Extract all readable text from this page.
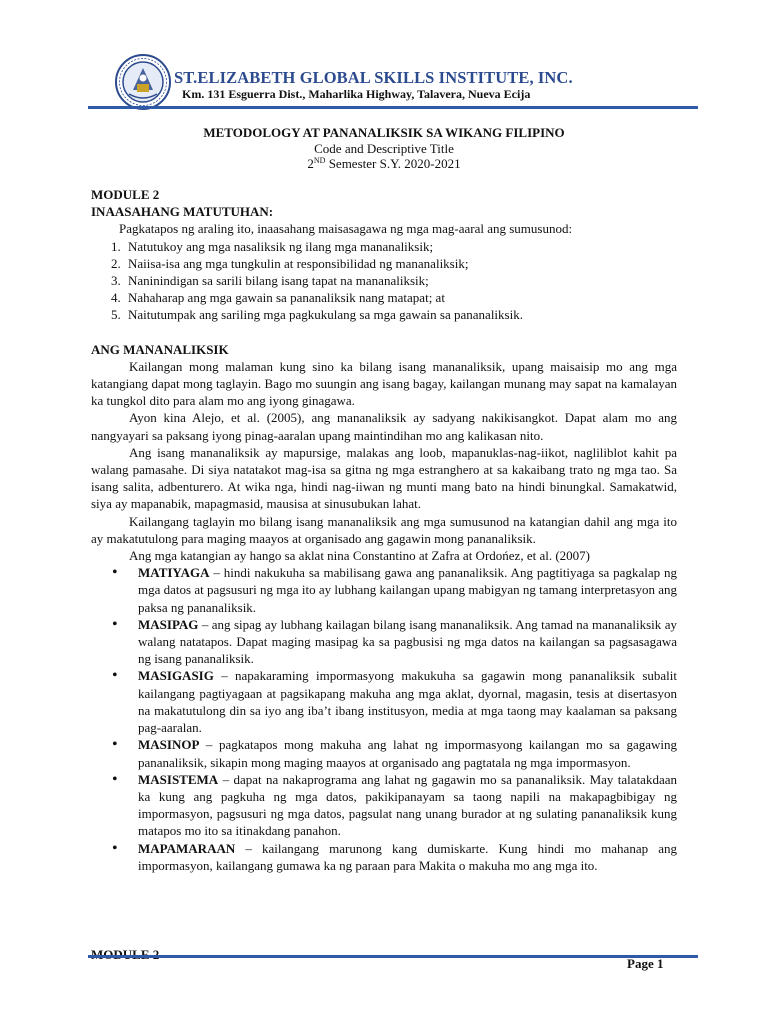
ST.ELIZABETH GLOBAL SKILLS INSTITUTE, INC.
Km. 131 Esguerra Dist., Maharlika Highway, Talavera, Nueva Ecija
METODOLOGY AT PANANALIKSIK SA WIKANG FILIPINO
Code and Descriptive Title
2ND Semester S.Y. 2020-2021

MODULE 2

INAASAHANG MATUTUHAN:

Pagkatapos ng araling ito, inaasahang maisasagawa ng mga mag-aaral ang sumusunod:

1. Natutukoy ang mga nasaliksik ng ilang mga mananaliksik;
2. Naiisa-isa ang mga tungkulin at responsibilidad ng mananaliksik;
3. Naninindigan sa sarili bilang isang tapat na mananaliksik;
4. Nahaharap ang mga gawain sa pananaliksik nang matapat; at
5. Naitutumpak ang sariling mga pagkukulang sa mga gawain sa pananaliksik.

ANG MANANALIKSIK

Kailangan mong malaman kung sino ka bilang isang mananaliksik, upang maisaisip mo ang mga katangiang dapat mong taglayin. Bago mo suungin ang isang bagay, kailangan munang may sapat na kamalayan ka tungkol dito para alam mo ang iyong ginagawa.

Ayon kina Alejo, et al. (2005), ang mananaliksik ay sadyang nakikisangkot. Dapat alam mo ang nangyayari sa paksang iyong pinag-aaralan upang maintindihan mo ang kalikasan nito.

Ang isang mananaliksik ay mapursige, malakas ang loob, mapanuklas-nag-iikot, nagliliblot kahit pa walang pamasahe. Di siya natatakot mag-isa sa gitna ng mga estranghero at sa kakaibang trato ng mga tao. Sa isang salita, adbenturero. At wika nga, hindi nag-iiwan ng munti mang bato na hindi binungkal. Samakatwid, siya ay mapanabik, mapagmasid, mausisa at sinusubukan lahat.

Kailangang taglayin mo bilang isang mananaliksik ang mga sumusunod na katangian dahil ang mga ito ay makatutulong para maging maayos at organisado ang gagawin mong pananaliksik.

Ang mga katangian ay hango sa aklat nina Constantino at Zafra at Ordońez, et al. (2007)

• MATIYAGA – hindi nakukuha sa mabilisang gawa ang pananaliksik. Ang pagtitiyaga sa pagkalap ng mga datos at pagsusuri ng mga ito ay lubhang kailangan upang mabigyan ng tamang interpretasyon ang paksa ng pananaliksik.
• MASIPAG – ang sipag ay lubhang kailagan bilang isang mananaliksik. Ang tamad na mananaliksik ay walang natatapos. Dapat maging masipag ka sa pagbusisi ng mga datos na kailangan sa pagsasagawa ng isang pananaliksik.
• MASIGASIG – napakaraming impormasyong makukuha sa gagawin mong pananaliksik subalit kailangang pagtiyagaan at pagsikapang makuha ang mga aklat, dyornal, magasin, tesis at disertasyon na makatutulong din sa iyo ang iba’t ibang institusyon, media at mga taong may kaalaman sa paksang pag-aaralan.
• MASINOP – pagkatapos mong makuha ang lahat ng impormasyong kailangan mo sa gagawing pananaliksik, sikapin mong maging maayos at organisado ang pagtatala ng mga impormasyon.
• MASISTEMA – dapat na nakaprograma ang lahat ng gagawin mo sa pananaliksik. May talatakdaan ka kung ang pagkuha ng mga datos, pakikipanayam sa taong napili na makapagbibigay ng impormasyon, pagsusuri ng mga datos, pagsulat nang unang burador at ng sulating pananaliksik kung matapos mo ito sa itinakdang panahon.
• MAPAMARAAN – kailangang marunong kang dumiskarte. Kung hindi mo mahanap ang impormasyon, kailangang gumawa ka ng paraan para Makita o makuha mo ang mga ito.
Page 1
